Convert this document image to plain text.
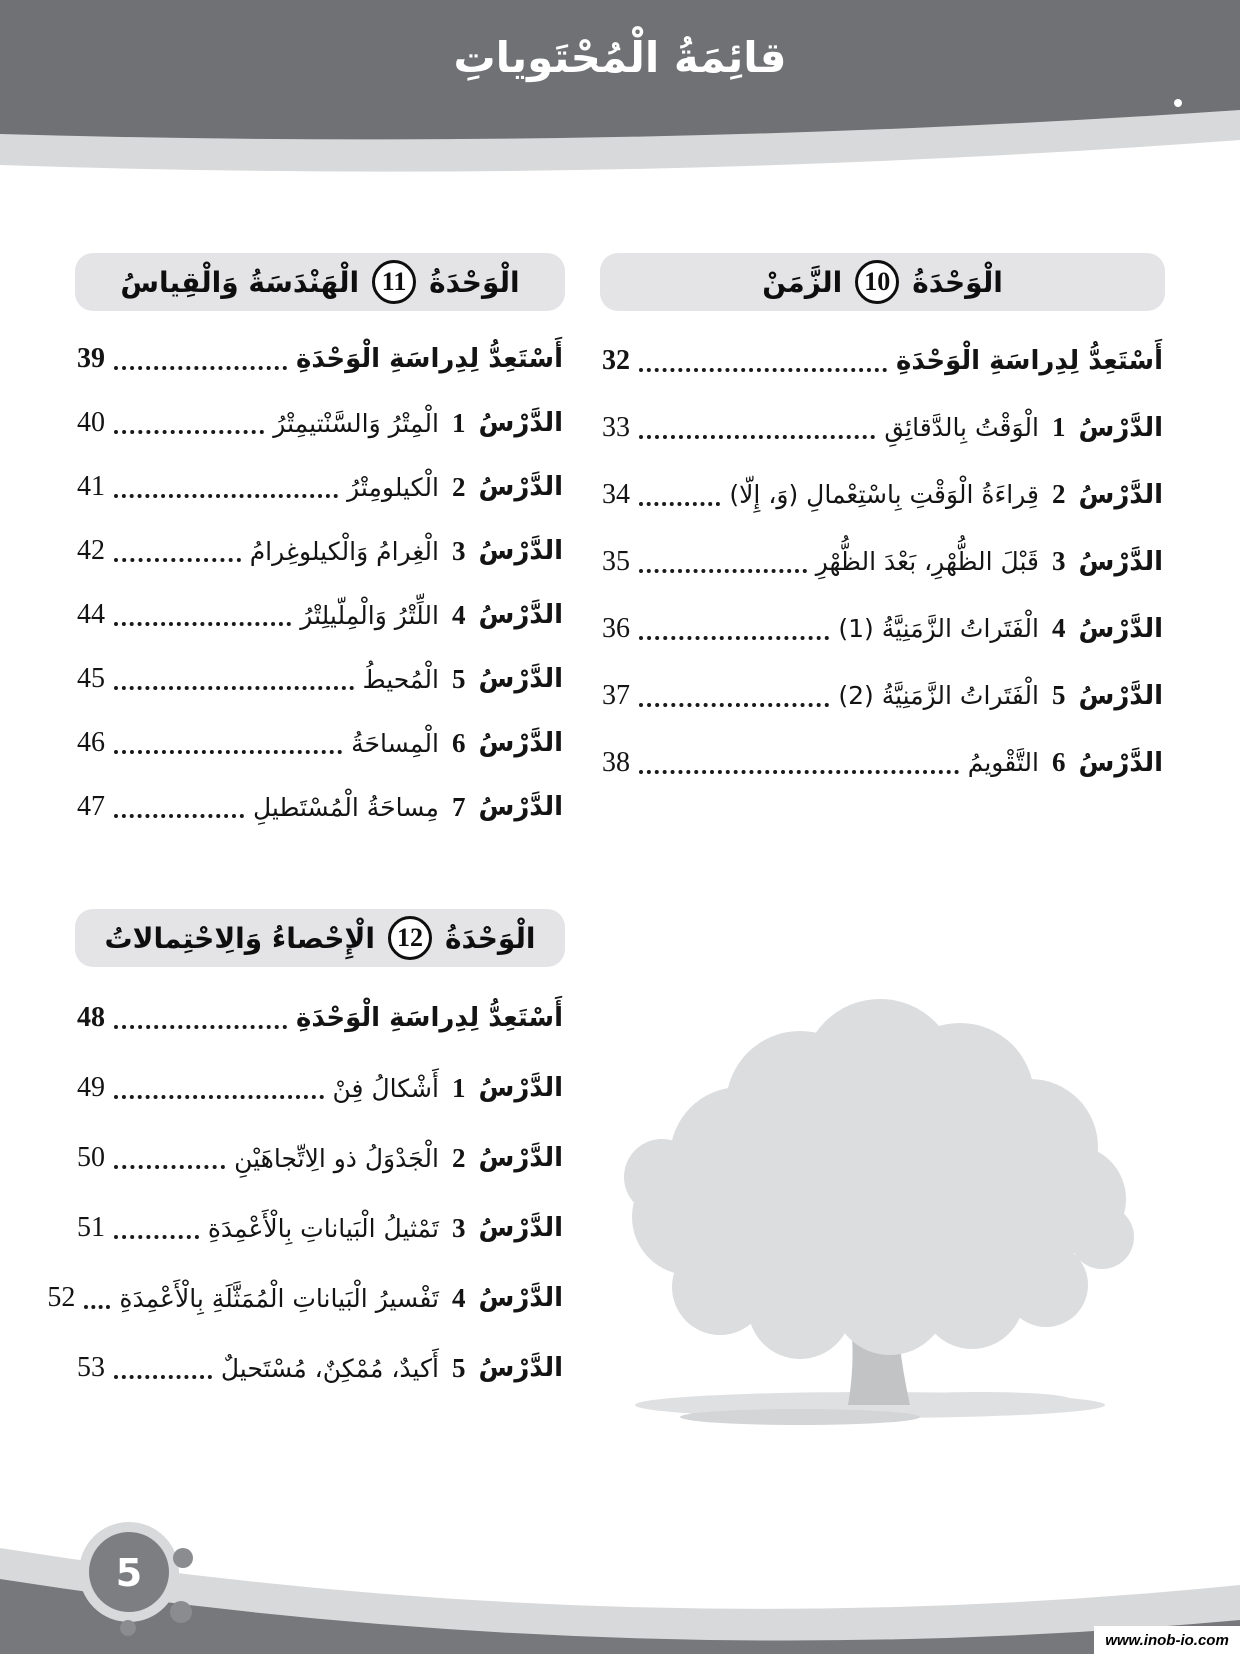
قائِمَةُ الْمُحْتَوياتِ
الْوَحْدَةُ
10
الزَّمَنْ
أَسْتَعِدُّ لِدِراسَةِ الْوَحْدَةِ
32
الدَّرْسُ
1
الْوَقْتُ بِالدَّقائِقِ
33
الدَّرْسُ
2
قِراءَةُ الْوَقْتِ بِاسْتِعْمالِ (وَ، إِلّا)
34
الدَّرْسُ
3
قَبْلَ الظُّهْرِ، بَعْدَ الظُّهْرِ
35
الدَّرْسُ
4
الْفَتَراتُ الزَّمَنِيَّةُ (1)
36
الدَّرْسُ
5
الْفَتَراتُ الزَّمَنِيَّةُ (2)
37
الدَّرْسُ
6
التَّقْويمُ
38
الْوَحْدَةُ
11
الْهَنْدَسَةُ وَالْقِياسُ
أَسْتَعِدُّ لِدِراسَةِ الْوَحْدَةِ
39
الدَّرْسُ
1
الْمِتْرُ وَالسَّنْتيمِتْرُ
40
الدَّرْسُ
2
الْكيلومِتْرُ
41
الدَّرْسُ
3
الْغِرامُ وَالْكيلوغِرامُ
42
الدَّرْسُ
4
اللِّتْرُ وَالْمِلّيلِتْرُ
44
الدَّرْسُ
5
الْمُحيطُ
45
الدَّرْسُ
6
الْمِساحَةُ
46
الدَّرْسُ
7
مِساحَةُ الْمُسْتَطيلِ
47
الْوَحْدَةُ
12
الْإِحْصاءُ وَالِاحْتِمالاتُ
أَسْتَعِدُّ لِدِراسَةِ الْوَحْدَةِ
48
الدَّرْسُ
1
أَشْكالُ فِنْ
49
الدَّرْسُ
2
الْجَدْوَلُ ذو الِاتِّجاهَيْنِ
50
الدَّرْسُ
3
تَمْثيلُ الْبَياناتِ بِالْأَعْمِدَةِ
51
الدَّرْسُ
4
تَفْسيرُ الْبَياناتِ الْمُمَثَّلَةِ بِالْأَعْمِدَةِ
52
الدَّرْسُ
5
أَكيدٌ، مُمْكِنٌ، مُسْتَحيلٌ
53
5
www.inob-io.com
